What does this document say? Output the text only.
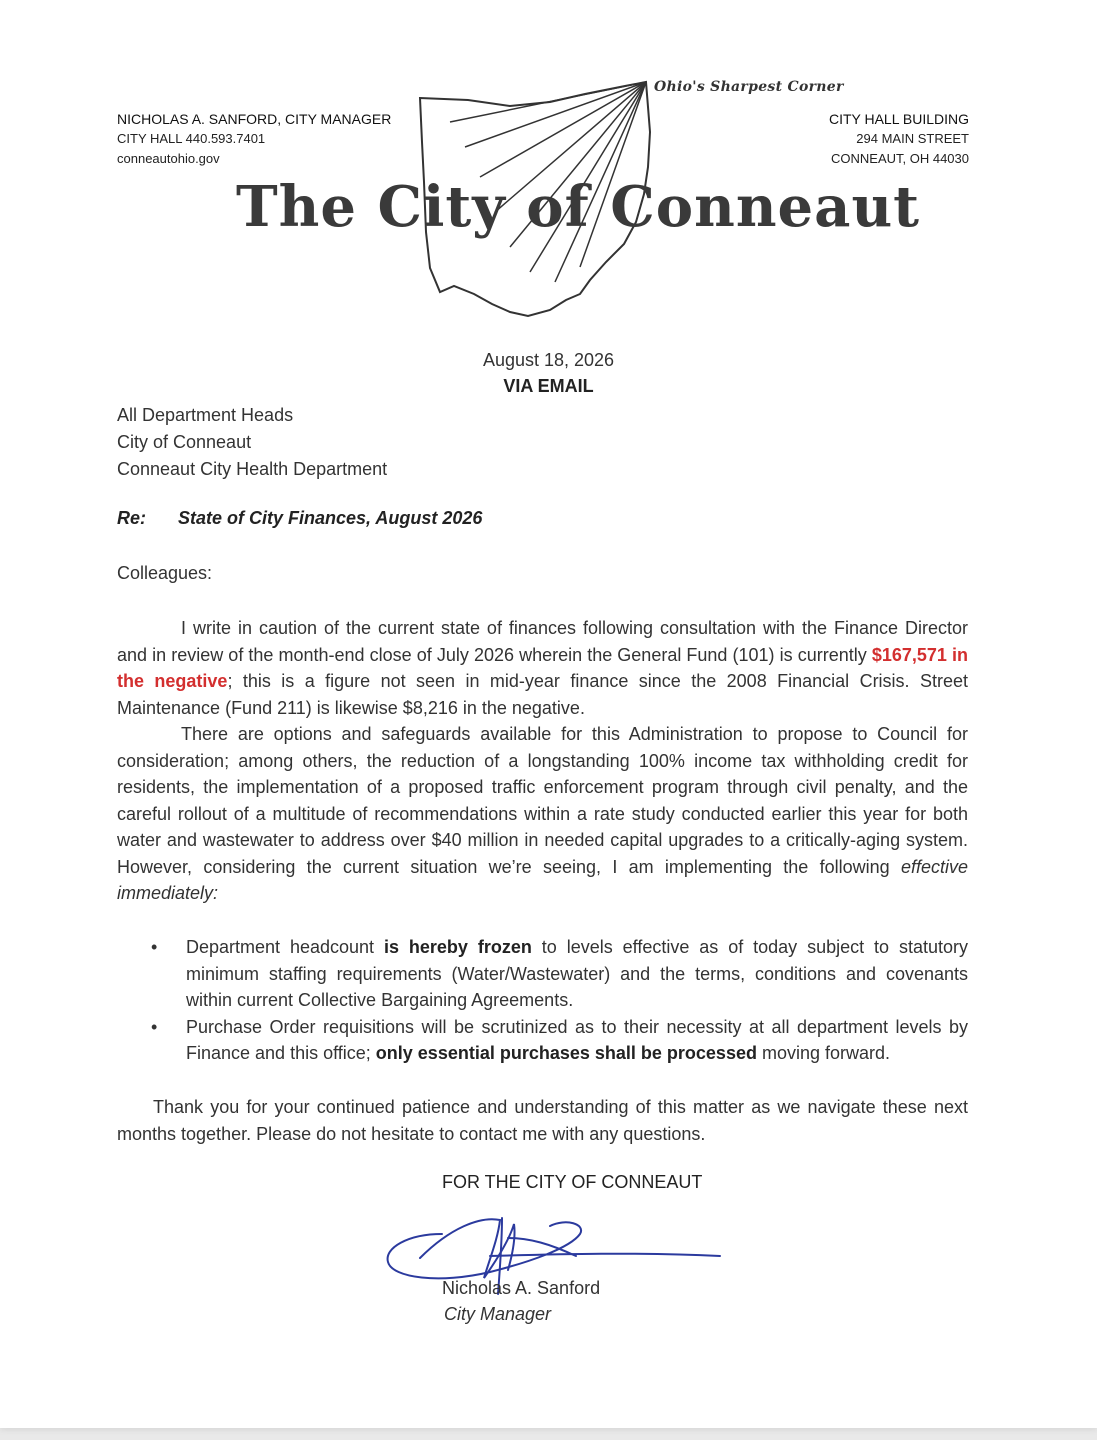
NICHOLAS A. SANFORD, CITY MANAGER
CITY HALL 440.593.7401
conneautohio.gov
CITY HALL BUILDING
294 MAIN STREET
CONNEAUT, OH 44030
Ohio's Sharpest Corner
The City of Conneaut
August 18, 2026
VIA EMAIL
All Department Heads
City of Conneaut
Conneaut City Health Department
Re: State of City Finances, August 2026
Colleagues:
I write in caution of the current state of finances following consultation with the Finance Director and in review of the month-end close of July 2026 wherein the General Fund (101) is currently $167,571 in the negative; this is a figure not seen in mid-year finance since the 2008 Financial Crisis. Street Maintenance (Fund 211) is likewise $8,216 in the negative.
There are options and safeguards available for this Administration to propose to Council for consideration; among others, the reduction of a longstanding 100% income tax withholding credit for residents, the implementation of a proposed traffic enforcement program through civil penalty, and the careful rollout of a multitude of recommendations within a rate study conducted earlier this year for both water and wastewater to address over $40 million in needed capital upgrades to a critically-aging system. However, considering the current situation we’re seeing, I am implementing the following effective immediately:
• Department headcount is hereby frozen to levels effective as of today subject to statutory minimum staffing requirements (Water/Wastewater) and the terms, conditions and covenants within current Collective Bargaining Agreements.
• Purchase Order requisitions will be scrutinized as to their necessity at all department levels by Finance and this office; only essential purchases shall be processed moving forward.
Thank you for your continued patience and understanding of this matter as we navigate these next months together. Please do not hesitate to contact me with any questions.
FOR THE CITY OF CONNEAUT
Nicholas A. Sanford
City Manager
